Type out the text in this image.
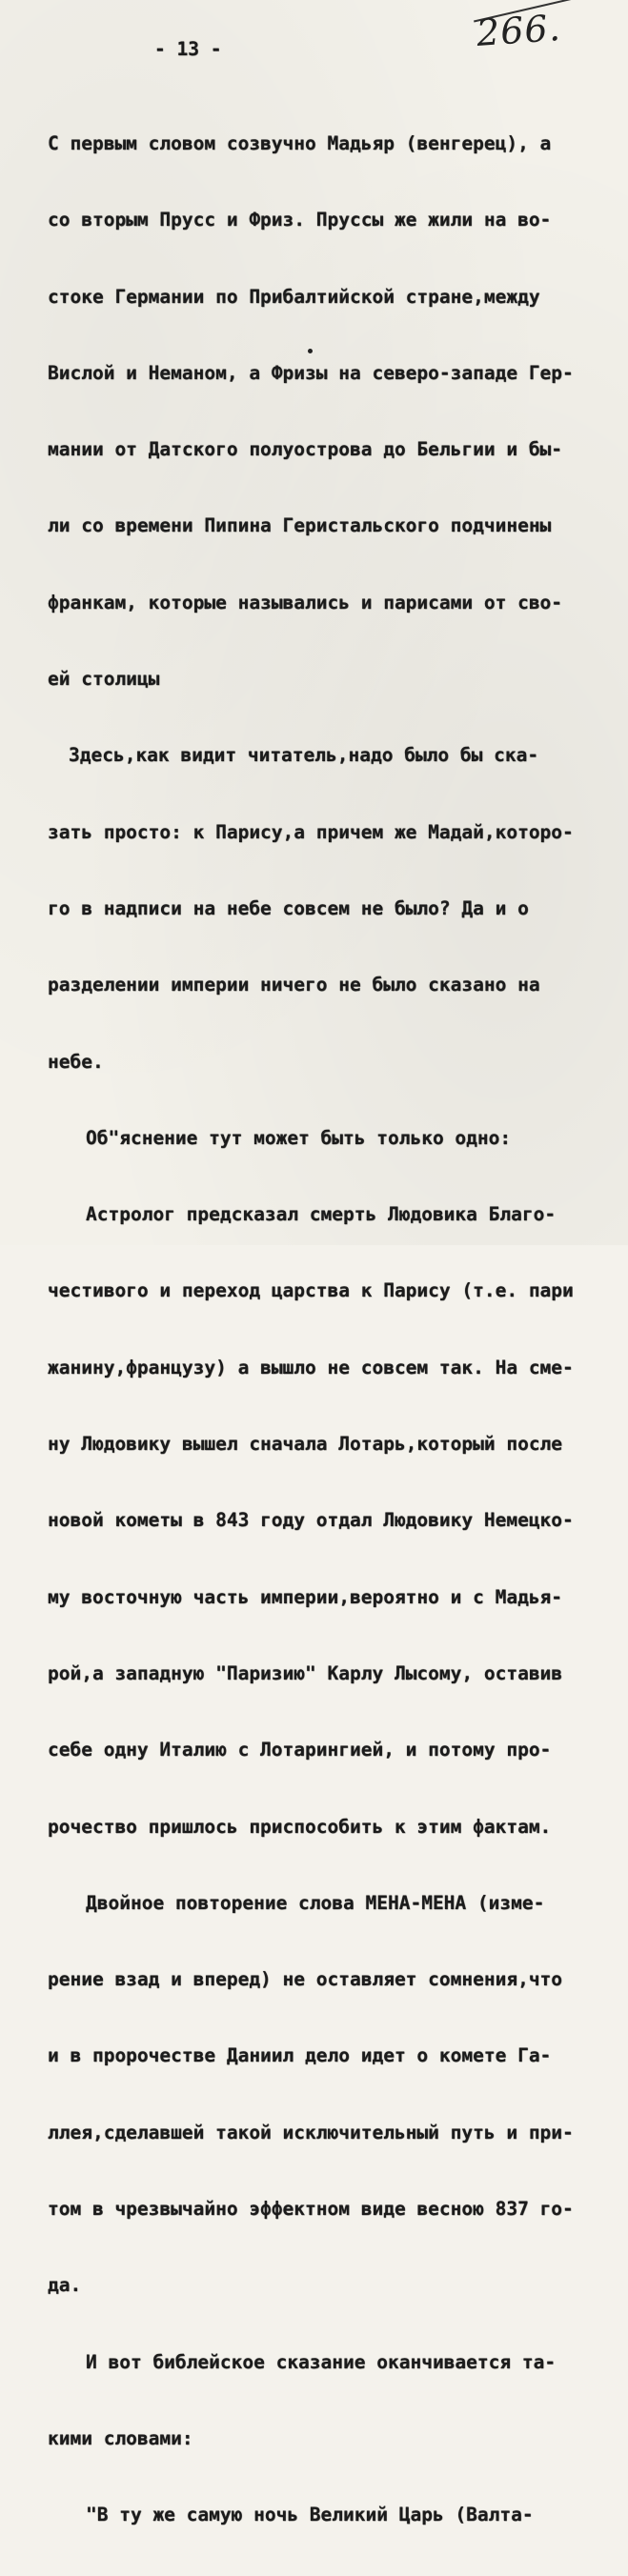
- 13 -	266.

С первым словом созвучно Мадьяр (венгерец), а

со вторым Прусс и Фриз. Пруссы же жили на во-

стоке Германии по Прибалтийской стране,между

Вислой и Неманом, а Фризы на северо-западе Гер-

мании от Датского полуострова до Бельгии и бы-

ли со времени Пипина Геристальского подчинены

франкам, которые назывались и парисами от сво-

ей столицы

Здесь,как видит читатель,надо было бы ска-

зать просто: к Парису,а причем же Мадай,которо-

го в надписи на небе совсем не было? Да и о

разделении империи ничего не было сказано на

небе.

Об"яснение тут может быть только одно:

Астролог предсказал смерть Людовика Благо-

честивого и переход царства к Парису (т.е. пари

жанину,французу) а вышло не совсем так. На сме-

ну Людовику вышел сначала Лотарь,который после

новой кометы в 843 году отдал Людовику Немецко-

му восточную часть империи,вероятно и с Мадья-

рой,а западную "Паризию" Карлу Лысому, оставив

себе одну Италию с Лотарингией, и потому про-

рочество пришлось приспособить к этим фактам.

Двойное повторение слова МЕНА-МЕНА (изме-

рение взад и вперед) не оставляет сомнения,что

и в пророчестве Даниил дело идет о комете Га-

ллея,сделавшей такой исключительный путь и при-

том в чрезвычайно эффектном виде весною 837 го-

да.

И вот библейское сказание оканчивается та-

кими словами:

"В ту же самую ночь Великий Царь (Валта-
